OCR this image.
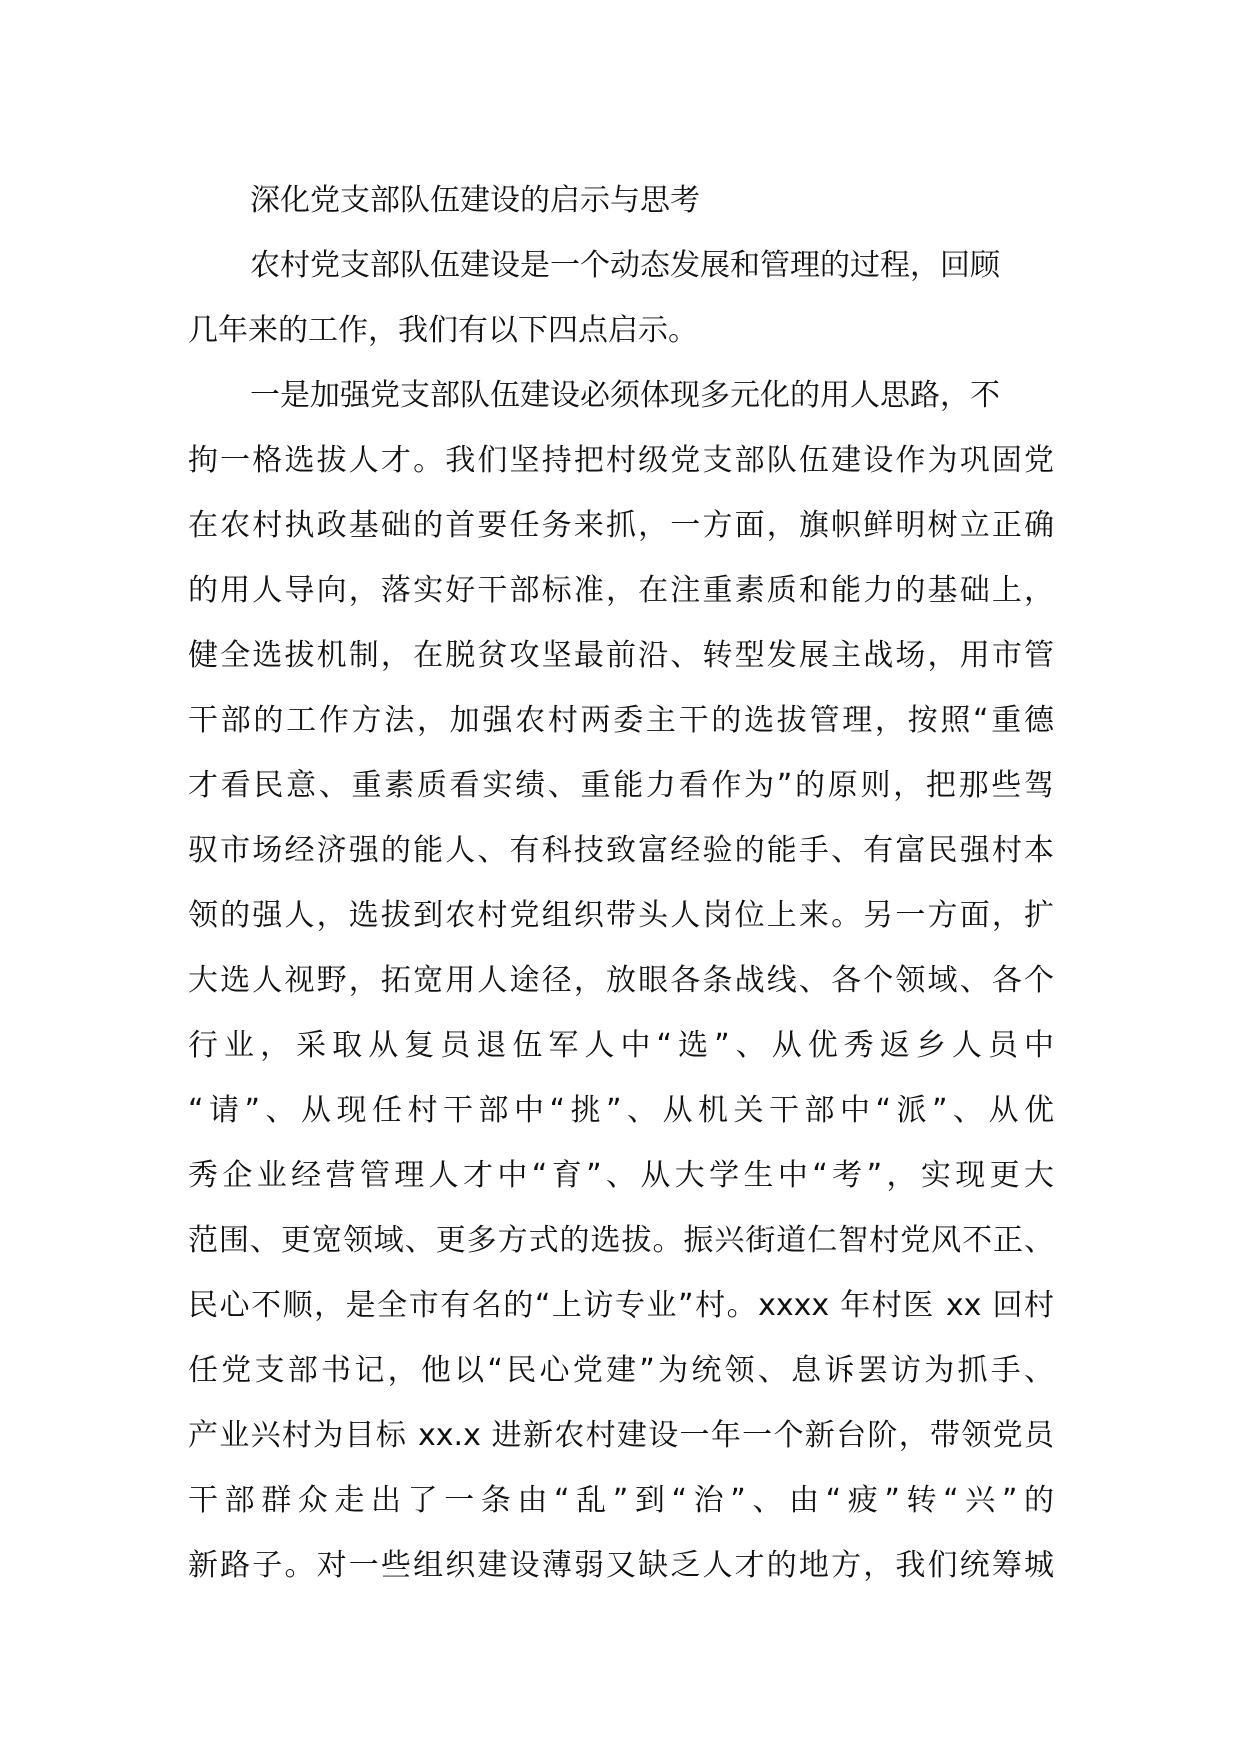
深化党支部队伍建设的启示与思考
农村党支部队伍建设是一个动态发展和管理的过程，回顾
几年来的工作，我们有以下四点启示。
一是加强党支部队伍建设必须体现多元化的用人思路，不
拘一格选拔人才。我们坚持把村级党支部队伍建设作为巩固党
在农村执政基础的首要任务来抓，一方面，旗帜鲜明树立正确
的用人导向，落实好干部标准，在注重素质和能力的基础上，
健全选拔机制，在脱贫攻坚最前沿、转型发展主战场，用市管
干部的工作方法，加强农村两委主干的选拔管理，按照“重德
才看民意、重素质看实绩、重能力看作为”的原则，把那些驾
驭市场经济强的能人、有科技致富经验的能手、有富民强村本
领的强人，选拔到农村党组织带头人岗位上来。另一方面，扩
大选人视野，拓宽用人途径，放眼各条战线、各个领域、各个
行业，采取从复员退伍军人中“选”、从优秀返乡人员中
“请”、从现任村干部中“挑”、从机关干部中“派”、从优
秀企业经营管理人才中“育”、从大学生中“考”，实现更大
范围、更宽领域、更多方式的选拔。振兴街道仁智村党风不正、
民心不顺，是全市有名的“上访专业”村。xxxx 年村医 xx 回村
任党支部书记，他以“民心党建”为统领、息诉罢访为抓手、
产业兴村为目标 xx.x 进新农村建设一年一个新台阶，带领党员
干部群众走出了一条由“乱”到“治”、由“疲”转“兴”的
新路子。对一些组织建设薄弱又缺乏人才的地方，我们统筹城
